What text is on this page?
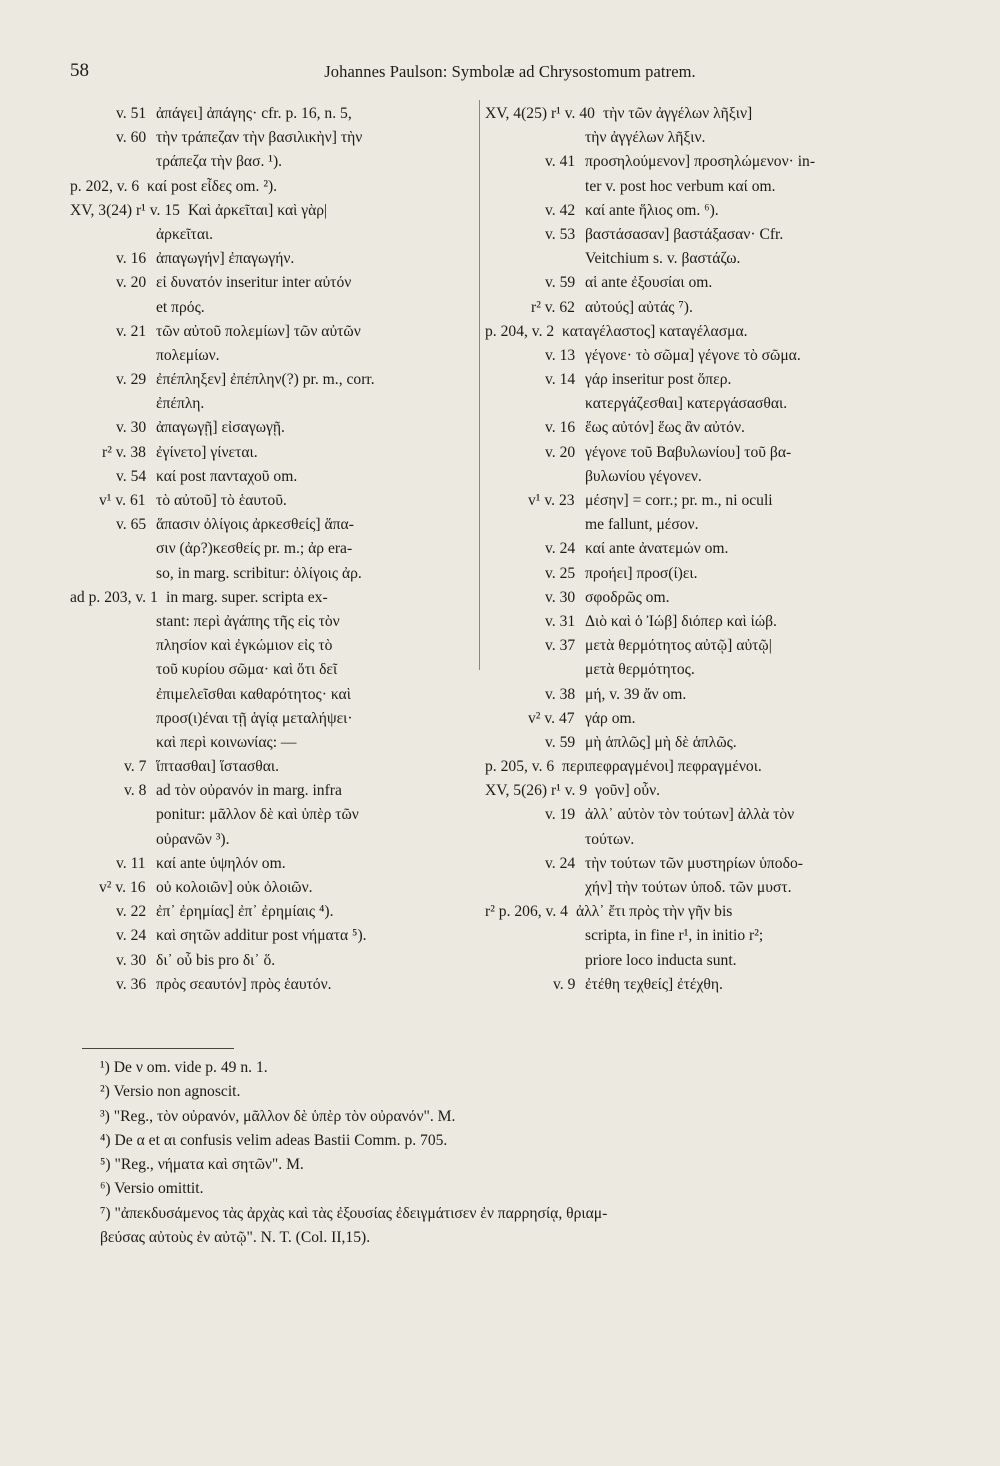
58	Johannes Paulson: Symbolæ ad Chrysostomum patrem.
v. 51 ἀπάγει] ἀπάγης· cfr. p. 16, n. 5,
v. 60 τὴν τράπεζαν τὴν βασιλικὴν] τὴν
τράπεζα τὴν βασ. ¹).
p. 202, v. 6 καί post εἶδες om. ²).
XV, 3(24) r¹ v. 15 Καὶ ἀρκεῖται] καὶ γὰρ|
ἀρκεῖται.
v. 16 ἀπαγωγήν] ἐπαγωγήν.
v. 20 εἰ δυνατόν inseritur inter αὐτόν
et πρός.
v. 21 τῶν αὐτοῦ πολεμίων] τῶν αὐτῶν
πολεμίων.
v. 29 ἐπέπληξεν] ἐπέπλην(?) pr. m., corr.
ἐπέπλη.
v. 30 ἀπαγωγῇ] εἰσαγωγῇ.
r² v. 38 ἐγίνετο] γίνεται.
v. 54 καί post πανταχοῦ om.
v¹ v. 61 τὸ αὐτοῦ] τὸ ἑαυτοῦ.
v. 65 ἅπασιν ὀλίγοις ἀρκεσθείς] ἅπα-
σιν (ἀρ?)κεσθείς pr. m.; ἀρ era-
so, in marg. scribitur: ὀλίγοις ἀρ.
ad p. 203, v. 1 in marg. super. scripta ex-
stant: περὶ ἀγάπης τῆς εἰς τὸν
πλησίον καὶ ἐγκώμιον εἰς τὸ
τοῦ κυρίου σῶμα· καὶ ὅτι δεῖ
ἐπιμελεῖσθαι καθαρότητος· καὶ
προσ(ι)έναι τῇ ἁγίᾳ μεταλήψει·
καὶ περὶ κοινωνίας: —
v. 7 ἵπτασθαι] ἵστασθαι.
v. 8 ad τὸν οὐρανόν in marg. infra
ponitur: μᾶλλον δὲ καὶ ὑπὲρ τῶν
οὐρανῶν ³).
v. 11 καί ante ὑψηλόν om.
v² v. 16 οὐ κολοιῶν] οὐκ ὀλοιῶν.
v. 22 ἐπ᾽ ἐρημίας] ἐπ᾽ ἐρημίαις ⁴).
v. 24 καὶ σητῶν additur post νήματα ⁵).
v. 30 δι᾽ οὗ bis pro δι᾽ ὅ.
v. 36 πρὸς σεαυτόν] πρὸς ἑαυτόν.
XV, 4(25) r¹ v. 40 τὴν τῶν ἀγγέλων λῆξιν]
τὴν ἀγγέλων λῆξιν.
v. 41 προσηλούμενον] προσηλώμενον· in-
ter v. post hoc verbum καί om.
v. 42 καί ante ἥλιος om. ⁶).
v. 53 βαστάσασαν] βαστάξασαν· Cfr.
Veitchium s. v. βαστάζω.
v. 59 αἱ ante ἐξουσίαι om.
r² v. 62 αὐτούς] αὐτάς ⁷).
p. 204, v. 2 καταγέλαστος] καταγέλασμα.
v. 13 γέγονε· τὸ σῶμα] γέγονε τὸ σῶμα.
v. 14 γάρ inseritur post ὅπερ.
κατεργάζεσθαι] κατεργάσασθαι.
v. 16 ἕως αὐτόν] ἕως ἂν αὐτόν.
v. 20 γέγονε τοῦ Βαβυλωνίου] τοῦ βα-
βυλωνίου γέγονεν.
v¹ v. 23 μέσην] = corr.; pr. m., ni oculi
me fallunt, μέσον.
v. 24 καί ante ἀνατεμών om.
v. 25 προήει] προσ(ί)ει.
v. 30 σφοδρῶς om.
v. 31 Διὸ καὶ ὁ Ἰώβ] διόπερ καὶ ἰώβ.
v. 37 μετὰ θερμότητος αὐτῷ] αὐτῷ|
μετὰ θερμότητος.
v. 38 μή, v. 39 ἄν om.
v² v. 47 γάρ om.
v. 59 μὴ ἁπλῶς] μὴ δὲ ἁπλῶς.
p. 205, v. 6 περιπεφραγμένοι] πεφραγμένοι.
XV, 5(26) r¹ v. 9 γοῦν] οὖν.
v. 19 ἀλλ᾽ αὐτὸν τὸν τούτων] ἀλλὰ τὸν
τούτων.
v. 24 τὴν τούτων τῶν μυστηρίων ὑποδο-
χήν] τὴν τούτων ὑποδ. τῶν μυστ.
r² p. 206, v. 4 ἀλλ᾽ ἔτι πρὸς τὴν γῆν bis
scripta, in fine r¹, in initio r²;
priore loco inducta sunt.
v. 9 ἐτέθη τεχθείς] ἐτέχθη.
¹) De ν om. vide p. 49 n. 1.
²) Versio non agnoscit.
³) "Reg., τὸν οὐρανόν, μᾶλλον δὲ ὑπὲρ τὸν οὐρανόν". M.
⁴) De α et αι confusis velim adeas Bastii Comm. p. 705.
⁵) "Reg., νήματα καὶ σητῶν". M.
⁶) Versio omittit.
⁷) "ἀπεκδυσάμενος τὰς ἀρχὰς καὶ τὰς ἐξουσίας ἐδειγμάτισεν ἐν παρρησίᾳ, θριαμ-
βεύσας αὐτοὺς ἐν αὐτῷ". N. T. (Col. II,15).
